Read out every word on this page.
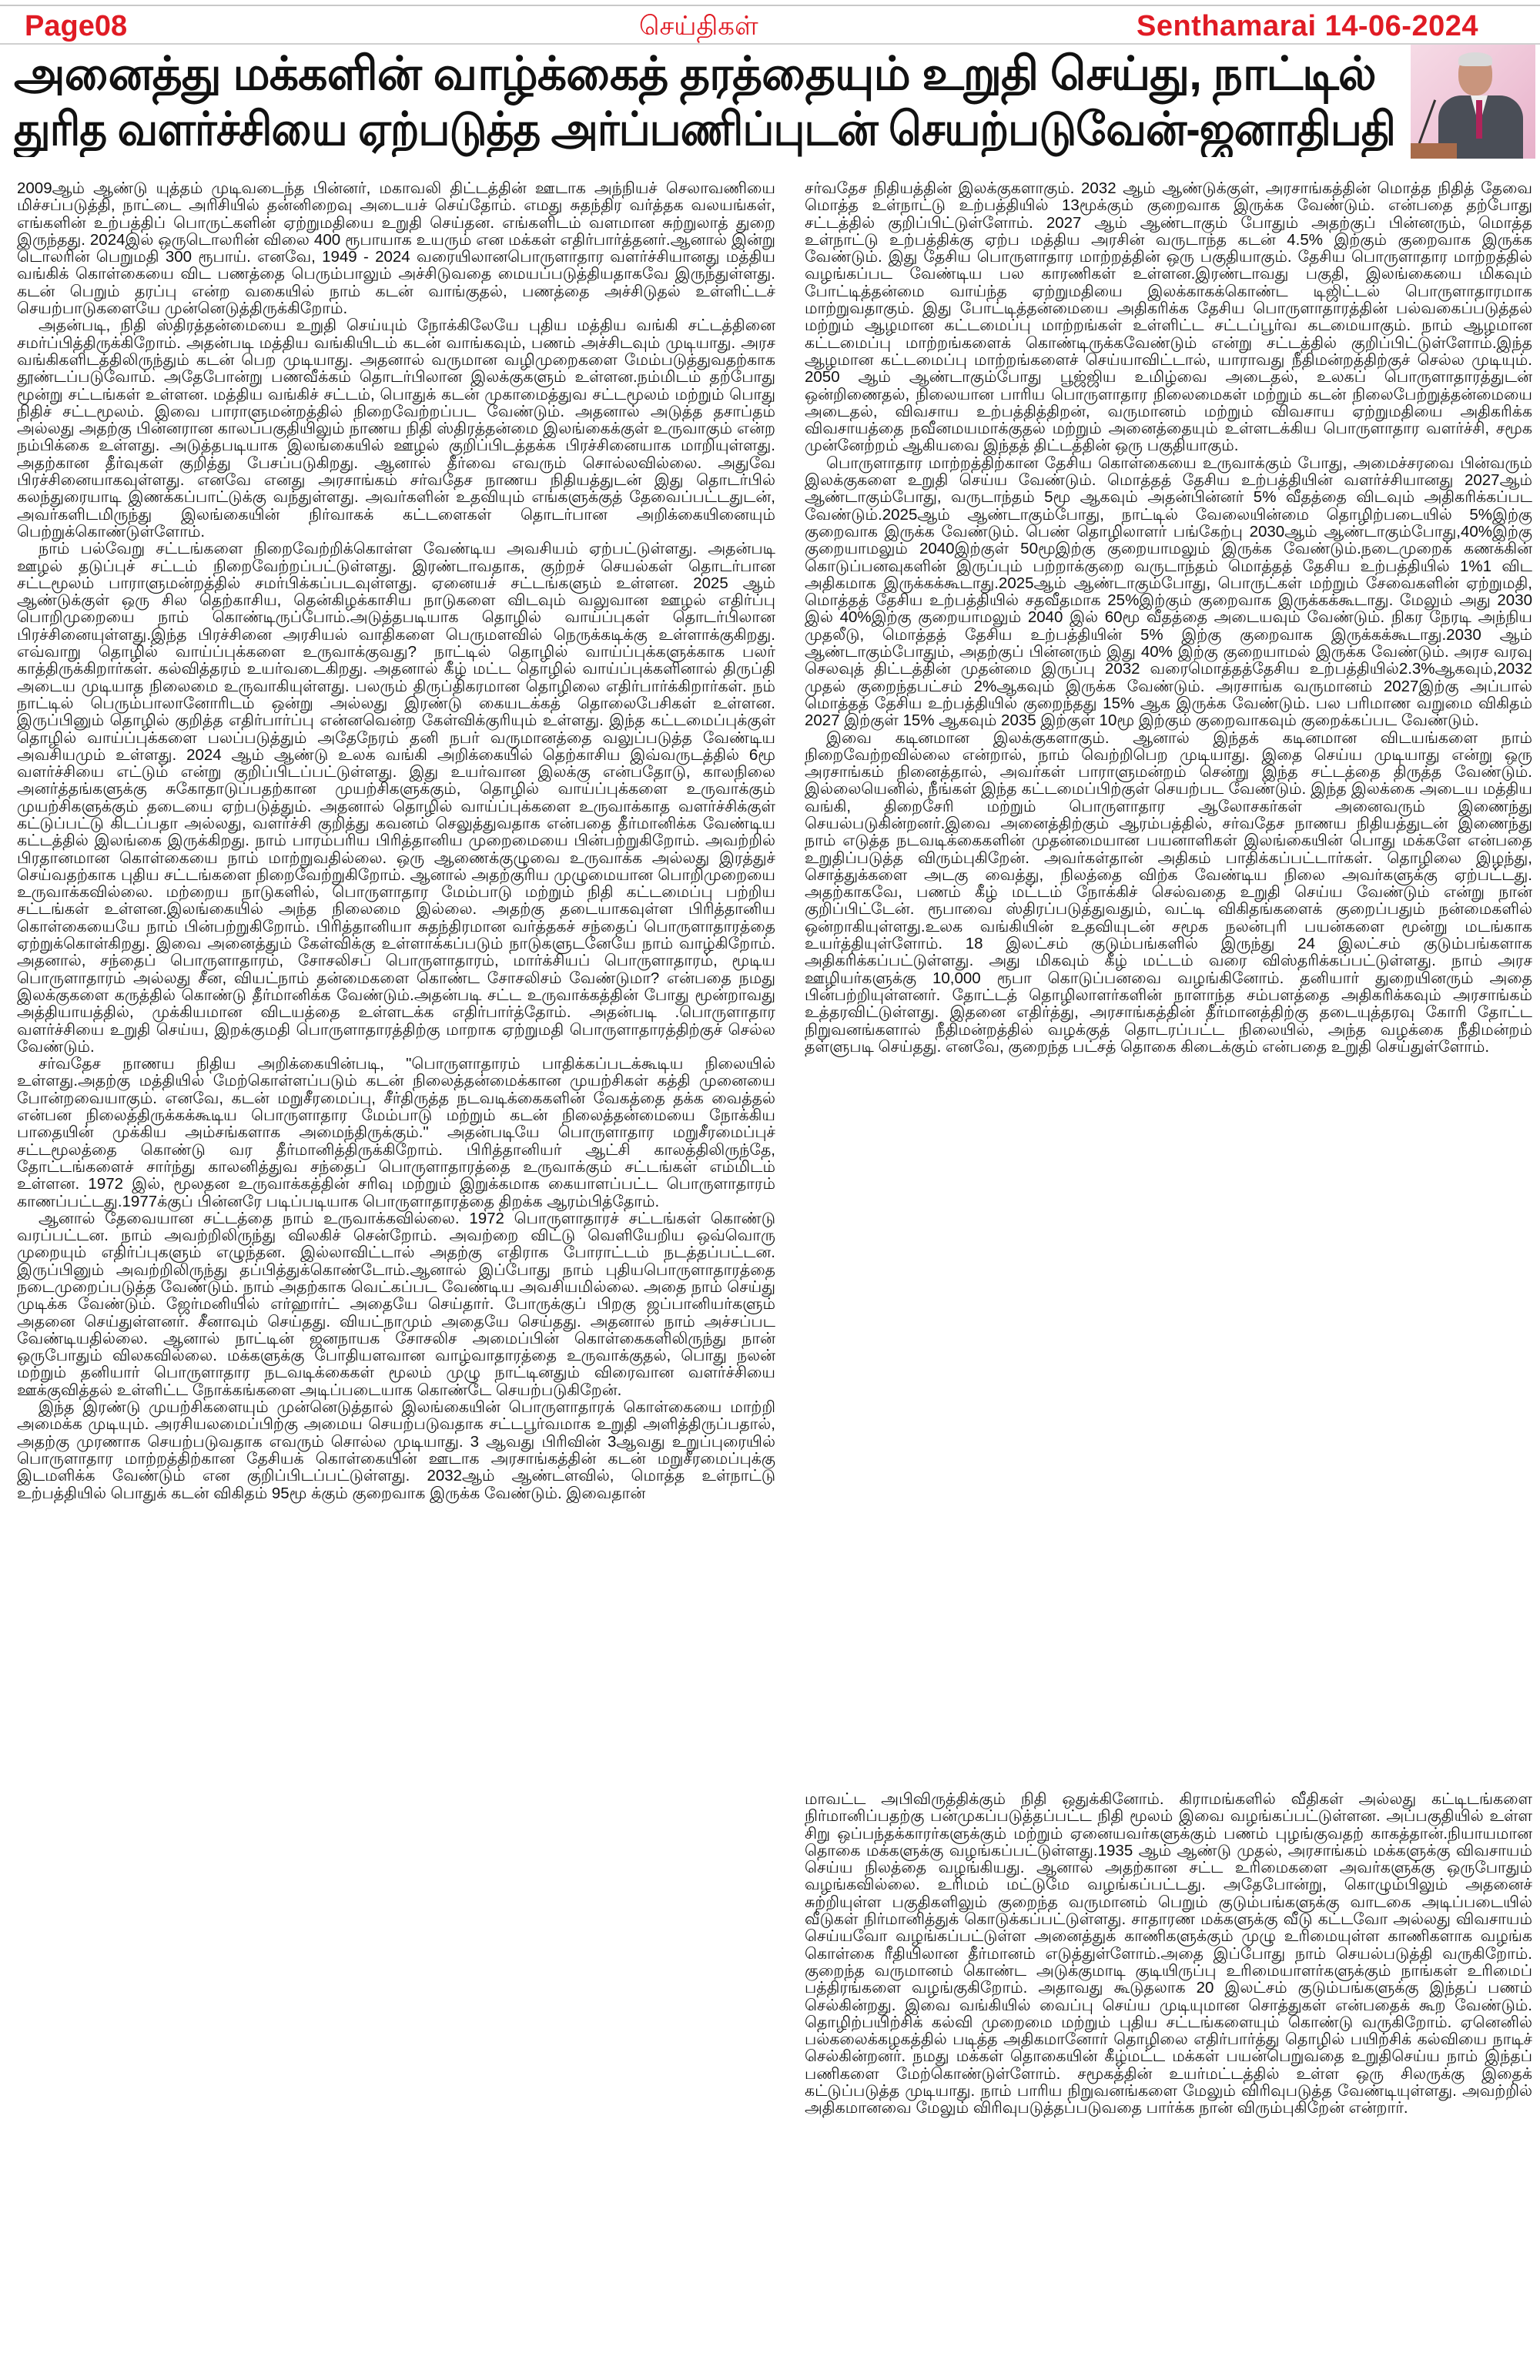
Page08	செய்திகள்	Senthamarai 14-06-2024
அனைத்து மக்களின் வாழ்க்கைத் தரத்தையும் உறுதி செய்து, நாட்டில்
துரித வளர்ச்சியை ஏற்படுத்த அர்ப்பணிப்புடன் செயற்படுவேன்-ஜனாதிபதி

2009ஆம் ஆண்டு யுத்தம் முடிவடைந்த பின்னர், மகாவலி திட்டத்தின் ஊடாக அந்நியச் செலாவணியை மிச்சப்படுத்தி, நாட்டை அரிசியில் தன்னிறைவு அடையச் செய்தோம். எமது சுதந்திர வர்த்தக வலயங்கள், எங்களின் உற்பத்திப் பொருட்களின் ஏற்றுமதியை உறுதி செய்தன. எங்களிடம் வளமான சுற்றுலாத் துறை இருந்தது. 2024இல் ஒருடொலரின் விலை 400 ரூபாயாக உயரும் என மக்கள் எதிர்பார்த்தனர்.ஆனால் இன்று டொலரின் பெறுமதி 300 ரூபாய். எனவே, 1949 - 2024 வரையிலானபொருளாதார வளர்ச்சியானது மத்திய வங்கிக் கொள்கையை விட பணத்தை பெரும்பாலும் அச்சிடுவதை மையப்படுத்தியதாகவே இருந்துள்ளது. கடன் பெறும் தரப்பு என்ற வகையில் நாம் கடன் வாங்குதல், பணத்தை அச்சிடுதல் உள்ளிட்டச் செயற்பாடுகளையே முன்னெடுத்திருக்கிறோம்.

அதன்படி, நிதி ஸ்திரத்தன்மையை உறுதி செய்யும் நோக்கிலேயே புதிய மத்திய வங்கி சட்டத்தினை சமர்ப்பித்திருக்கிறோம். அதன்படி மத்திய வங்கியிடம் கடன் வாங்கவும், பணம் அச்சிடவும் முடியாது. அரச வங்கிகளிடத்திலிருந்தும் கடன் பெற முடியாது. அதனால் வருமான வழிமுறைகளை மேம்படுத்துவதற்காக தூண்டப்படுவோம். அதேபோன்று பணவீக்கம் தொடர்பிலான இலக்குகளும் உள்ளன.நம்மிடம் தற்போது மூன்று சட்டங்கள் உள்ளன. மத்திய வங்கிச் சட்டம், பொதுக் கடன் முகாமைத்துவ சட்டமூலம் மற்றும் பொது நிதிச் சட்டமூலம். இவை பாராளுமன்றத்தில் நிறைவேற்றப்பட வேண்டும். அதனால் அடுத்த தசாப்தம் அல்லது அதற்கு பின்னரான காலப்பகுதியிலும் நாணய நிதி ஸ்திரத்தன்மை இலங்கைக்குள் உருவாகும் என்ற நம்பிக்கை உள்ளது. அடுத்தபடியாக இலங்கையில் ஊழல் குறிப்பிடத்தக்க பிரச்சினையாக மாறியுள்ளது. அதற்கான தீர்வுகள் குறித்து பேசப்படுகிறது. ஆனால் தீர்வை எவரும் சொல்லவில்லை. அதுவே பிரச்சினையாகவுள்ளது. எனவே எனது அரசாங்கம் சர்வதேச நாணய நிதியத்துடன் இது தொடர்பில் கலந்துரையாடி இணக்கப்பாட்டுக்கு வந்துள்ளது. அவர்களின் உதவியும் எங்களுக்குத் தேவைப்பட்டதுடன், அவர்களிடமிருந்து இலங்கையின் நிர்வாகக் கட்டளைகள் தொடர்பான அறிக்கையினையும் பெற்றுக்கொண்டுள்ளோம்.

நாம் பல்வேறு சட்டங்களை நிறைவேற்றிக்கொள்ள வேண்டிய அவசியம் ஏற்பட்டுள்ளது. அதன்படி ஊழல் தடுப்புச் சட்டம் நிறைவேற்றப்பட்டுள்ளது. இரண்டாவதாக, குற்றச் செயல்கள் தொடர்பான சட்டமூலம் பாராளுமன்றத்தில் சமர்பிக்கப்படவுள்ளது. ஏனையச் சட்டங்களும் உள்ளன. 2025 ஆம் ஆண்டுக்குள் ஒரு சில தெற்காசிய, தென்கிழக்காசிய நாடுகளை விடவும் வலுவான ஊழல் எதிர்ப்பு பொறிமுறையை நாம் கொண்டிருப்போம்.அடுத்தபடியாக தொழில் வாய்ப்புகள் தொடர்பிலான பிரச்சினையுள்ளது.இந்த பிரச்சினை அரசியல் வாதிகளை பெருமளவில் நெருக்கடிக்கு உள்ளாக்குகிறது. எவ்வாறு தொழில் வாய்ப்புக்களை உருவாக்குவது? நாட்டில் தொழில் வாய்ப்புக்களுக்காக பலர் காத்திருக்கிறார்கள். கல்வித்தரம் உயர்வடைகிறது. அதனால் கீழ் மட்ட தொழில் வாய்ப்புக்களினால் திருப்தி அடைய முடியாத நிலைமை உருவாகியுள்ளது. பலரும் திருப்திகரமான தொழிலை எதிர்பார்க்கிறார்கள். நம் நாட்டில் பெரும்பாலானோரிடம் ஒன்று அல்லது இரண்டு கையடக்கத் தொலைபேசிகள் உள்ளன. இருப்பினும் தொழில் குறித்த எதிர்பார்ப்பு என்னவென்ற கேள்விக்குரியும் உள்ளது. இந்த கட்டமைப்புக்குள் தொழில் வாய்ப்புக்களை பலப்படுத்தும் அதேநேரம் தனி நபர் வருமானத்தை வலுப்படுத்த வேண்டிய அவசியமும் உள்ளது. 2024 ஆம் ஆண்டு உலக வங்கி அறிக்கையில் தெற்காசிய இவ்வருடத்தில் 6மூ வளர்ச்சியை எட்டும் என்று குறிப்பிடப்பட்டுள்ளது. இது உயர்வான இலக்கு என்பதோடு, காலநிலை அனர்த்தங்களுக்கு சுகோதாடுப்பதற்கான முயற்சிகளுக்கும், தொழில் வாய்ப்புக்களை உருவாக்கும் முயற்சிகளுக்கும் தடையை ஏற்படுத்தும். அதனால் தொழில் வாய்ப்புக்களை உருவாக்காத வளர்ச்சிக்குள் கட்டுப்பட்டு கிடப்பதா அல்லது, வளர்ச்சி குறித்து கவனம் செலுத்துவதாக என்பதை தீர்மானிக்க வேண்டிய கட்டத்தில் இலங்கை இருக்கிறது. நாம் பாரம்பரிய பிரித்தானிய முறைமையை பின்பற்றுகிறோம். அவற்றில் பிரதானமான கொள்கையை நாம் மாற்றுவதில்லை. ஒரு ஆணைக்குழுவை உருவாக்க அல்லது இரத்துச் செய்வதற்காக புதிய சட்டங்களை நிறைவேற்றுகிறோம். ஆனால் அதற்குரிய முழுமையான பொறிமுறையை உருவாக்கவில்லை. மற்றைய நாடுகளில், பொருளாதார மேம்பாடு மற்றும் நிதி கட்டமைப்பு பற்றிய சட்டங்கள் உள்ளன.இலங்கையில் அந்த நிலைமை இல்லை. அதற்கு தடையாகவுள்ள பிரித்தானிய கொள்கையையே நாம் பின்பற்றுகிறோம். பிரித்தானியா சுதந்திரமான வர்த்தகச் சந்தைப் பொருளாதாரத்தை ஏற்றுக்கொள்கிறது. இவை அனைத்தும் கேள்விக்கு உள்ளாக்கப்படும் நாடுகளுடனேயே நாம் வாழ்கிறோம். அதனால், சந்தைப் பொருளாதாரம், சோசலிசப் பொருளாதாரம், மார்க்சியப் பொருளாதாரம், மூடிய பொருளாதாரம் அல்லது சீன, வியட்நாம் தன்மைகளை கொண்ட சோசலிசம் வேண்டுமா? என்பதை நமது இலக்குகளை கருத்தில் கொண்டு தீர்மானிக்க வேண்டும்.அதன்படி சட்ட உருவாக்கத்தின் போது மூன்றாவது அத்தியாயத்தில், முக்கியமான விடயத்தை உள்ளடக்க எதிர்பார்த்தோம். அதன்படி .பொருளாதார வளர்ச்சியை உறுதி செய்ய, இறக்குமதி பொருளாதாரத்திற்கு மாறாக ஏற்றுமதி பொருளாதாரத்திற்குச் செல்ல வேண்டும்.

சர்வதேச நாணய நிதிய அறிக்கையின்படி, "பொருளாதாரம் பாதிக்கப்படக்கூடிய நிலையில் உள்ளது.அதற்கு மத்தியில் மேற்கொள்ளப்படும் கடன் நிலைத்தன்மைக்கான முயற்சிகள் கத்தி முனையை போன்றவையாகும். எனவே, கடன் மறுசீரமைப்பு, சீர்திருத்த நடவடிக்கைகளின் வேகத்தை தக்க வைத்தல் என்பன நிலைத்திருக்கக்கூடிய பொருளாதார மேம்பாடு மற்றும் கடன் நிலைத்தன்மையை நோக்கிய பாதையின் முக்கிய அம்சங்களாக அமைந்திருக்கும்." அதன்படியே பொருளாதார மறுசீரமைப்புச் சட்டமூலத்தை கொண்டு வர தீர்மானித்திருக்கிறோம். பிரித்தானியர் ஆட்சி காலத்திலிருந்தே, தோட்டங்களைச் சார்ந்து காலனித்துவ சந்தைப் பொருளாதாரத்தை உருவாக்கும் சட்டங்கள் எம்மிடம் உள்ளன. 1972 இல், மூலதன உருவாக்கத்தின் சரிவு மற்றும் இறுக்கமாக கையாளப்பட்ட பொருளாதாரம் காணப்பட்டது.1977க்குப் பின்னரே படிப்படியாக பொருளாதாரத்தை திறக்க ஆரம்பித்தோம்.

ஆனால் தேவையான சட்டத்தை நாம் உருவாக்கவில்லை. 1972 பொருளாதாரச் சட்டங்கள் கொண்டு வரப்பட்டன. நாம் அவற்றிலிருந்து விலகிச் சென்றோம். அவற்றை விட்டு வெளியேறிய ஒவ்வொரு முறையும் எதிர்ப்புகளும் எழுந்தன. இல்லாவிட்டால் அதற்கு எதிராக போராட்டம் நடத்தப்பட்டன. இருப்பினும் அவற்றிலிருந்து தப்பித்துக்கொண்டோம்.ஆனால் இப்போது நாம் புதியபொருளாதாரத்தை நடைமுறைப்படுத்த வேண்டும். நாம் அதற்காக வெட்கப்பட வேண்டிய அவசியமில்லை. அதை நாம் செய்து முடிக்க வேண்டும். ஜேர்மனியில் எர்ஹார்ட் அதையே செய்தார். போருக்குப் பிறகு ஜப்பானியர்களும் அதனை செய்துள்ளனர். சீனாவும் செய்தது. வியட்நாமும் அதையே செய்தது. அதனால் நாம் அச்சப்பட வேண்டியதில்லை. ஆனால் நாட்டின் ஜனநாயக சோசலிச அமைப்பின் கொள்கைகளிலிருந்து நான் ஒருபோதும் விலகவில்லை. மக்களுக்கு போதியளவான வாழ்வாதாரத்தை உருவாக்குதல், பொது நலன் மற்றும் தனியார் பொருளாதார நடவடிக்கைகள் மூலம் முழு நாட்டினதும் விரைவான வளர்ச்சியை ஊக்குவித்தல் உள்ளிட்ட நோக்கங்களை அடிப்படையாக கொண்டே செயற்படுகிறேன்.

இந்த இரண்டு முயற்சிகளையும் முன்னெடுத்தால் இலங்கையின் பொருளாதாரக் கொள்கையை மாற்றி அமைக்க முடியும். அரசியலமைப்பிற்கு அமைய செயற்படுவதாக சட்டபூர்வமாக உறுதி அளித்திருப்பதால், அதற்கு முரணாக செயற்படுவதாக எவரும் சொல்ல முடியாது. 3 ஆவது பிரிவின் 3ஆவது உறுப்புரையில் பொருளாதார மாற்றத்திற்கான தேசியக் கொள்கையின் ஊடாக அரசாங்கத்தின் கடன் மறுசீரமைப்புக்கு இடமளிக்க வேண்டும் என குறிப்பிடப்பட்டுள்ளது. 2032ஆம் ஆண்டளவில், மொத்த உள்நாட்டு உற்பத்தியில் பொதுக் கடன் விகிதம் 95மூ க்கும் குறைவாக இருக்க வேண்டும். இவைதான்

சர்வதேச நிதியத்தின் இலக்குகளாகும். 2032 ஆம் ஆண்டுக்குள், அரசாங்கத்தின் மொத்த நிதித் தேவை மொத்த உள்நாட்டு உற்பத்தியில் 13மூக்கும் குறைவாக இருக்க வேண்டும். என்பதை தற்போது சட்டத்தில் குறிப்பிட்டுள்ளோம். 2027 ஆம் ஆண்டாகும் போதும் அதற்குப் பின்னரும், மொத்த உள்நாட்டு உற்பத்திக்கு ஏற்ப மத்திய அரசின் வருடாந்த கடன் 4.5% இற்கும் குறைவாக இருக்க வேண்டும். இது தேசிய பொருளாதார மாற்றத்தின் ஒரு பகுதியாகும். தேசிய பொருளாதார மாற்றத்தில் வழங்கப்பட வேண்டிய பல காரணிகள் உள்ளன.இரண்டாவது பகுதி, இலங்கையை மிகவும் போட்டித்தன்மை வாய்ந்த ஏற்றுமதியை இலக்காகக்கொண்ட டிஜிட்டல் பொருளாதாரமாக மாற்றுவதாகும். இது போட்டித்தன்மையை அதிகரிக்க தேசிய பொருளாதாரத்தின் பல்வகைப்படுத்தல் மற்றும் ஆழமான கட்டமைப்பு மாற்றங்கள் உள்ளிட்ட சட்டப்பூர்வ கடமையாகும். நாம் ஆழமான கட்டமைப்பு மாற்றங்களைக் கொண்டிருக்கவேண்டும் என்று சட்டத்தில் குறிப்பிட்டுள்ளோம்.இந்த ஆழமான கட்டமைப்பு மாற்றங்களைச் செய்யாவிட்டால், யாராவது நீதிமன்றத்திற்குச் செல்ல முடியும். 2050 ஆம் ஆண்டாகும்போது பூஜ்ஜிய உமிழ்வை அடைதல், உலகப் பொருளாதாரத்துடன் ஒன்றிணைதல், நிலையான பாரிய பொருளாதார நிலைமைகள் மற்றும் கடன் நிலைபேற்றுத்தன்மையை அடைதல், விவசாய உற்பத்தித்திறன், வருமானம் மற்றும் விவசாய ஏற்றுமதியை அதிகரிக்க விவசாயத்தை நவீனமயமாக்குதல் மற்றும் அனைத்தையும் உள்ளடக்கிய பொருளாதார வளர்ச்சி, சமூக முன்னேற்றம் ஆகியவை இந்தத் திட்டத்தின் ஒரு பகுதியாகும்.

பொருளாதார மாற்றத்திற்கான தேசிய கொள்கையை உருவாக்கும் போது, அமைச்சரவை பின்வரும் இலக்குகளை உறுதி செய்ய வேண்டும். மொத்தத் தேசிய உற்பத்தியின் வளர்ச்சியானது 2027ஆம் ஆண்டாகும்போது, வருடாந்தம் 5மூ ஆகவும் அதன்பின்னர் 5% வீதத்தை விடவும் அதிகரிக்கப்பட வேண்டும்.2025ஆம் ஆண்டாகும்போது, நாட்டில் வேலையின்மை தொழிற்படையில் 5%இற்கு குறைவாக இருக்க வேண்டும். பெண் தொழிலாளர் பங்கேற்பு 2030ஆம் ஆண்டாகும்போது,40%இற்கு குறையாமலும் 2040இற்குள் 50மூஇற்கு குறையாமலும் இருக்க வேண்டும்.நடைமுறைக் கணக்கின் கொடுப்பனவுகளின் இருப்பும் பற்றாக்குறை வருடாந்தம் மொத்தத் தேசிய உற்பத்தியில் 1%1 விட அதிகமாக இருக்கக்கூடாது.2025ஆம் ஆண்டாகும்போது, பொருட்கள் மற்றும் சேவைகளின் ஏற்றுமதி, மொத்தத் தேசிய உற்பத்தியில் சதவீதமாக 25%இற்கும் குறைவாக இருக்கக்கூடாது. மேலும் அது 2030 இல் 40%இற்கு குறையாமலும் 2040 இல் 60மூ வீதத்தை அடையவும் வேண்டும். நிகர நேரடி அந்நிய முதலீடு, மொத்தத் தேசிய உற்பத்தியின் 5% இற்கு குறைவாக இருக்கக்கூடாது.2030 ஆம் ஆண்டாகும்போதும், அதற்குப் பின்னரும் இது 40% இற்கு குறையாமல் இருக்க வேண்டும். அரச வரவு செலவுத் திட்டத்தின் முதன்மை இருப்பு 2032 வரைமொத்தத்தேசிய உற்பத்தியில்2.3%ஆகவும்,2032 முதல் குறைந்தபட்சம் 2%ஆகவும் இருக்க வேண்டும். அரசாங்க வருமானம் 2027இற்கு அப்பால் மொத்தத் தேசிய உற்பத்தியில் குறைந்தது 15% ஆக இருக்க வேண்டும். பல பரிமாண வறுமை விகிதம் 2027 இற்குள் 15% ஆகவும் 2035 இற்குள் 10மூ இற்கும் குறைவாகவும் குறைக்கப்பட வேண்டும்.

இவை கடினமான இலக்குகளாகும். ஆனால் இந்தக் கடினமான விடயங்களை நாம் நிறைவேற்றவில்லை என்றால், நாம் வெற்றிபெற முடியாது. இதை செய்ய முடியாது என்று ஒரு அரசாங்கம் நினைத்தால், அவர்கள் பாராளுமன்றம் சென்று இந்த சட்டத்தை திருத்த வேண்டும். இல்லையெனில், நீங்கள் இந்த கட்டமைப்பிற்குள் செயற்பட வேண்டும். இந்த இலக்கை அடைய மத்திய வங்கி, திறைசேரி மற்றும் பொருளாதார ஆலோசகர்கள் அனைவரும் இணைந்து செயல்படுகின்றனர்.இவை அனைத்திற்கும் ஆரம்பத்தில், சர்வதேச நாணய நிதியத்துடன் இணைந்து நாம் எடுத்த நடவடிக்கைகளின் முதன்மையான பயனாளிகள் இலங்கையின் பொது மக்களே என்பதை உறுதிப்படுத்த விரும்புகிறேன். அவர்கள்தான் அதிகம் பாதிக்கப்பட்டார்கள். தொழிலை இழந்து, சொத்துக்களை அடகு வைத்து, நிலத்தை விற்க வேண்டிய நிலை அவர்களுக்கு ஏற்பட்டது. அதற்காகவே, பணம் கீழ் மட்டம் நோக்கிச் செல்வதை உறுதி செய்ய வேண்டும் என்று நான் குறிப்பிட்டேன். ரூபாவை ஸ்திரப்படுத்துவதும், வட்டி விகிதங்களைக் குறைப்பதும் நன்மைகளில் ஒன்றாகியுள்ளது.உலக வங்கியின் உதவியுடன் சமூக நலன்புரி பயன்களை மூன்று மடங்காக உயர்த்தியுள்ளோம். 18 இலட்சம் குடும்பங்களில் இருந்து 24 இலட்சம் குடும்பங்களாக அதிகரிக்கப்பட்டுள்ளது. அது மிகவும் கீழ் மட்டம் வரை விஸ்தரிக்கப்பட்டுள்ளது. நாம் அரச ஊழியர்களுக்கு 10,000 ரூபா கொடுப்பனவை வழங்கினோம். தனியார் துறையினரும் அதை பின்பற்றியுள்ளனர். தோட்டத் தொழிலாளர்களின் நாளாந்த சம்பளத்தை அதிகரிக்கவும் அரசாங்கம் உத்தரவிட்டுள்ளது. இதனை எதிர்த்து, அரசாங்கத்தின் தீர்மானத்திற்கு தடையுத்தரவு கோரி தோட்ட நிறுவனங்களால் நீதிமன்றத்தில் வழக்குத் தொடரப்பட்ட நிலையில், அந்த வழக்கை நீதிமன்றம் தள்ளுபடி செய்தது. எனவே, குறைந்த பட்சத் தொகை கிடைக்கும் என்பதை உறுதி செய்துள்ளோம்.

மாவட்ட அபிவிருத்திக்கும் நிதி ஒதுக்கினோம். கிராமங்களில் வீதிகள் அல்லது கட்டிடங்களை நிர்மானிப்பதற்கு பன்முகப்படுத்தப்பட்ட நிதி மூலம் இவை வழங்கப்பட்டுள்ளன. அப்பகுதியில் உள்ள சிறு ஒப்பந்தக்காரர்களுக்கும் மற்றும் ஏனையவர்களுக்கும் பணம் புழங்குவதற் காகத்தான்.நியாயமான தொகை மக்களுக்கு வழங்கப்பட்டுள்ளது.1935 ஆம் ஆண்டு முதல், அரசாங்கம் மக்களுக்கு விவசாயம் செய்ய நிலத்தை வழங்கியது. ஆனால் அதற்கான சட்ட உரிமைகளை அவர்களுக்கு ஒருபோதும் வழங்கவில்லை. உரிமம் மட்டுமே வழங்கப்பட்டது. அதேபோன்று, கொழும்பிலும் அதனைச் சுற்றியுள்ள பகுதிகளிலும் குறைந்த வருமானம் பெறும் குடும்பங்களுக்கு வாடகை அடிப்படையில் வீடுகள் நிர்மானித்துக் கொடுக்கப்பட்டுள்ளது. சாதாரண மக்களுக்கு வீடு கட்டவோ அல்லது விவசாயம் செய்யவோ வழங்கப்பட்டுள்ள அனைத்துக் காணிகளுக்கும் முழு உரிமையுள்ள காணிகளாக வழங்க கொள்கை ரீதியிலான தீர்மானம் எடுத்துள்ளோம்.அதை இப்போது நாம் செயல்படுத்தி வருகிறோம். குறைந்த வருமானம் கொண்ட அடுக்குமாடி குடியிருப்பு உரிமையாளர்களுக்கும் நாங்கள் உரிமைப் பத்திரங்களை வழங்குகிறோம். அதாவது கூடுதலாக 20 இலட்சம் குடும்பங்களுக்கு இந்தப் பணம் செல்கின்றது. இவை வங்கியில் வைப்பு செய்ய முடியுமான சொத்துகள் என்பதைக் கூற வேண்டும். தொழிற்பயிற்சிக் கல்வி முறைமை மற்றும் புதிய சட்டங்களையும் கொண்டு வருகிறோம். ஏனெனில் பல்கலைக்கழகத்தில் படித்த அதிகமானோர் தொழிலை எதிர்பார்த்து தொழில் பயிற்சிக் கல்வியை நாடிச் செல்கின்றனர். நமது மக்கள் தொகையின் கீழ்மட்ட மக்கள் பயன்பெறுவதை உறுதிசெய்ய நாம் இந்தப் பணிகளை மேற்கொண்டுள்ளோம். சமூகத்தின் உயர்மட்டத்தில் உள்ள ஒரு சிலருக்கு இதைக் கட்டுப்படுத்த முடியாது. நாம் பாரிய நிறுவனங்களை மேலும் விரிவுபடுத்த வேண்டியுள்ளது. அவற்றில் அதிகமானவை மேலும் விரிவுபடுத்தப்படுவதை பார்க்க நான் விரும்புகிறேன் என்றார்.
